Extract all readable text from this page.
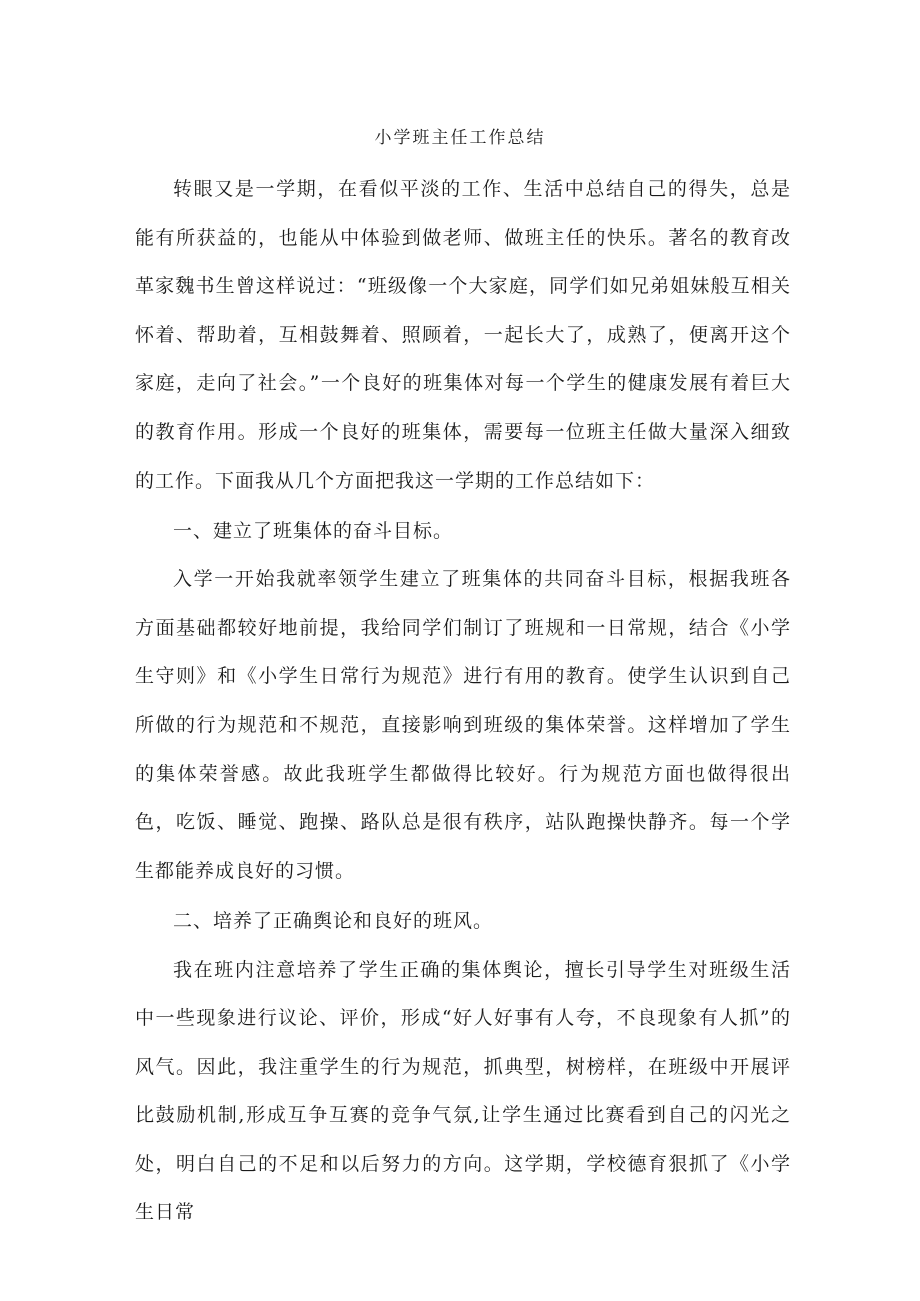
小学班主任工作总结

转眼又是一学期，在看似平淡的工作、生活中总结自己的得失，总是能有所获益的，也能从中体验到做老师、做班主任的快乐。著名的教育改革家魏书生曾这样说过：“班级像一个大家庭，同学们如兄弟姐妹般互相关怀着、帮助着，互相鼓舞着、照顾着，一起长大了，成熟了，便离开这个家庭，走向了社会。”一个良好的班集体对每一个学生的健康发展有着巨大的教育作用。形成一个良好的班集体，需要每一位班主任做大量深入细致的工作。下面我从几个方面把我这一学期的工作总结如下：

一、建立了班集体的奋斗目标。

入学一开始我就率领学生建立了班集体的共同奋斗目标，根据我班各方面基础都较好地前提，我给同学们制订了班规和一日常规，结合《小学生守则》和《小学生日常行为规范》进行有用的教育。使学生认识到自己所做的行为规范和不规范，直接影响到班级的集体荣誉。这样增加了学生的集体荣誉感。故此我班学生都做得比较好。行为规范方面也做得很出色，吃饭、睡觉、跑操、路队总是很有秩序，站队跑操快静齐。每一个学生都能养成良好的习惯。

二、培养了正确舆论和良好的班风。

我在班内注意培养了学生正确的集体舆论，擅长引导学生对班级生活中一些现象进行议论、评价，形成“好人好事有人夸，不良现象有人抓”的风气。因此，我注重学生的行为规范，抓典型，树榜样，在班级中开展评比鼓励机制,形成互争互赛的竞争气氛,让学生通过比赛看到自己的闪光之处，明白自己的不足和以后努力的方向。这学期，学校德育狠抓了《小学生日常
